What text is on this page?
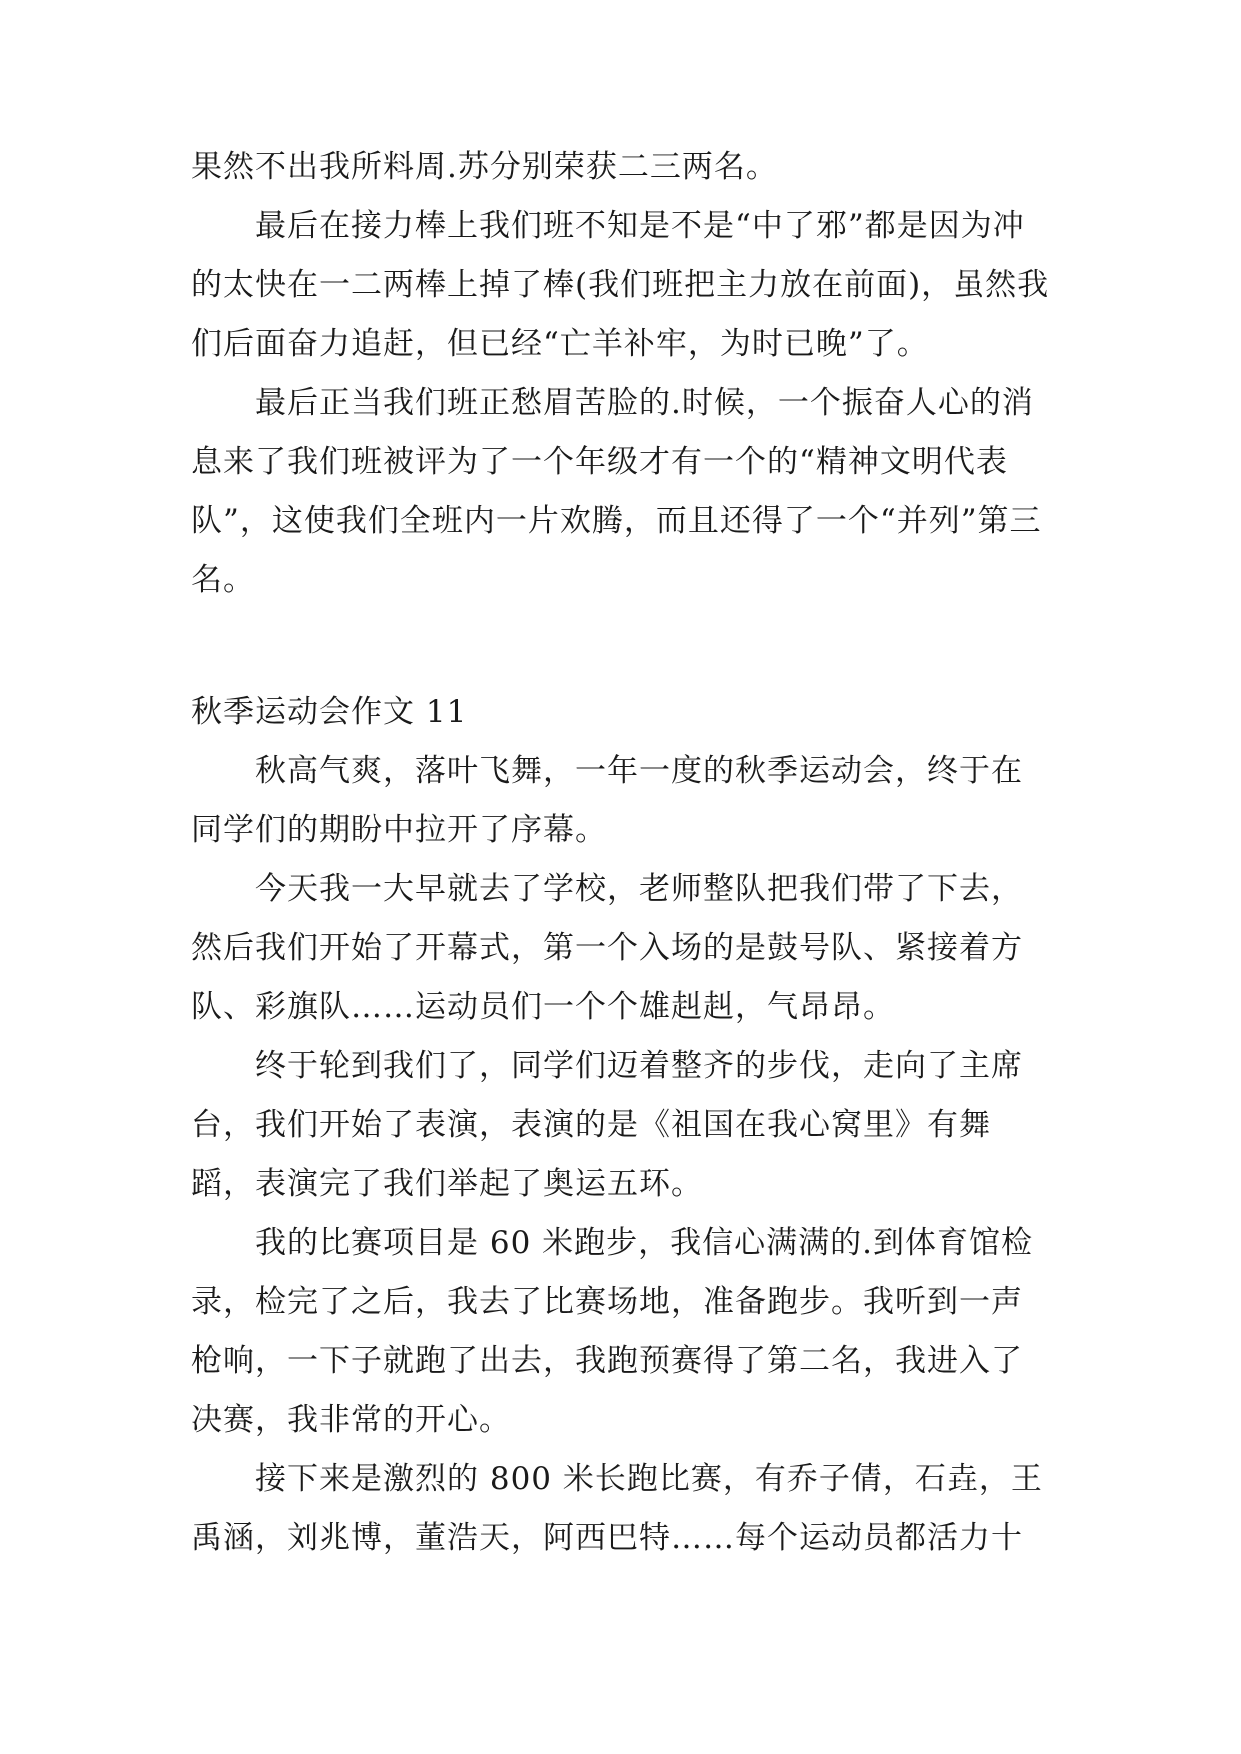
果然不出我所料周.苏分别荣获二三两名。

最后在接力棒上我们班不知是不是“中了邪”都是因为冲的太快在一二两棒上掉了棒(我们班把主力放在前面)，虽然我们后面奋力追赶，但已经“亡羊补牢，为时已晚”了。

最后正当我们班正愁眉苦脸的.时候，一个振奋人心的消息来了我们班被评为了一个年级才有一个的“精神文明代表队”，这使我们全班内一片欢腾，而且还得了一个“并列”第三名。

秋季运动会作文 11

秋高气爽，落叶飞舞，一年一度的秋季运动会，终于在同学们的期盼中拉开了序幕。

今天我一大早就去了学校，老师整队把我们带了下去，然后我们开始了开幕式，第一个入场的是鼓号队、紧接着方队、彩旗队……运动员们一个个雄赳赳，气昂昂。

终于轮到我们了，同学们迈着整齐的步伐，走向了主席台，我们开始了表演，表演的是《祖国在我心窝里》有舞蹈，表演完了我们举起了奥运五环。

我的比赛项目是 60 米跑步，我信心满满的.到体育馆检录，检完了之后，我去了比赛场地，准备跑步。我听到一声枪响，一下子就跑了出去，我跑预赛得了第二名，我进入了决赛，我非常的开心。

接下来是激烈的 800 米长跑比赛，有乔子倩，石垚，王禹涵，刘兆博，董浩天，阿西巴特……每个运动员都活力十
